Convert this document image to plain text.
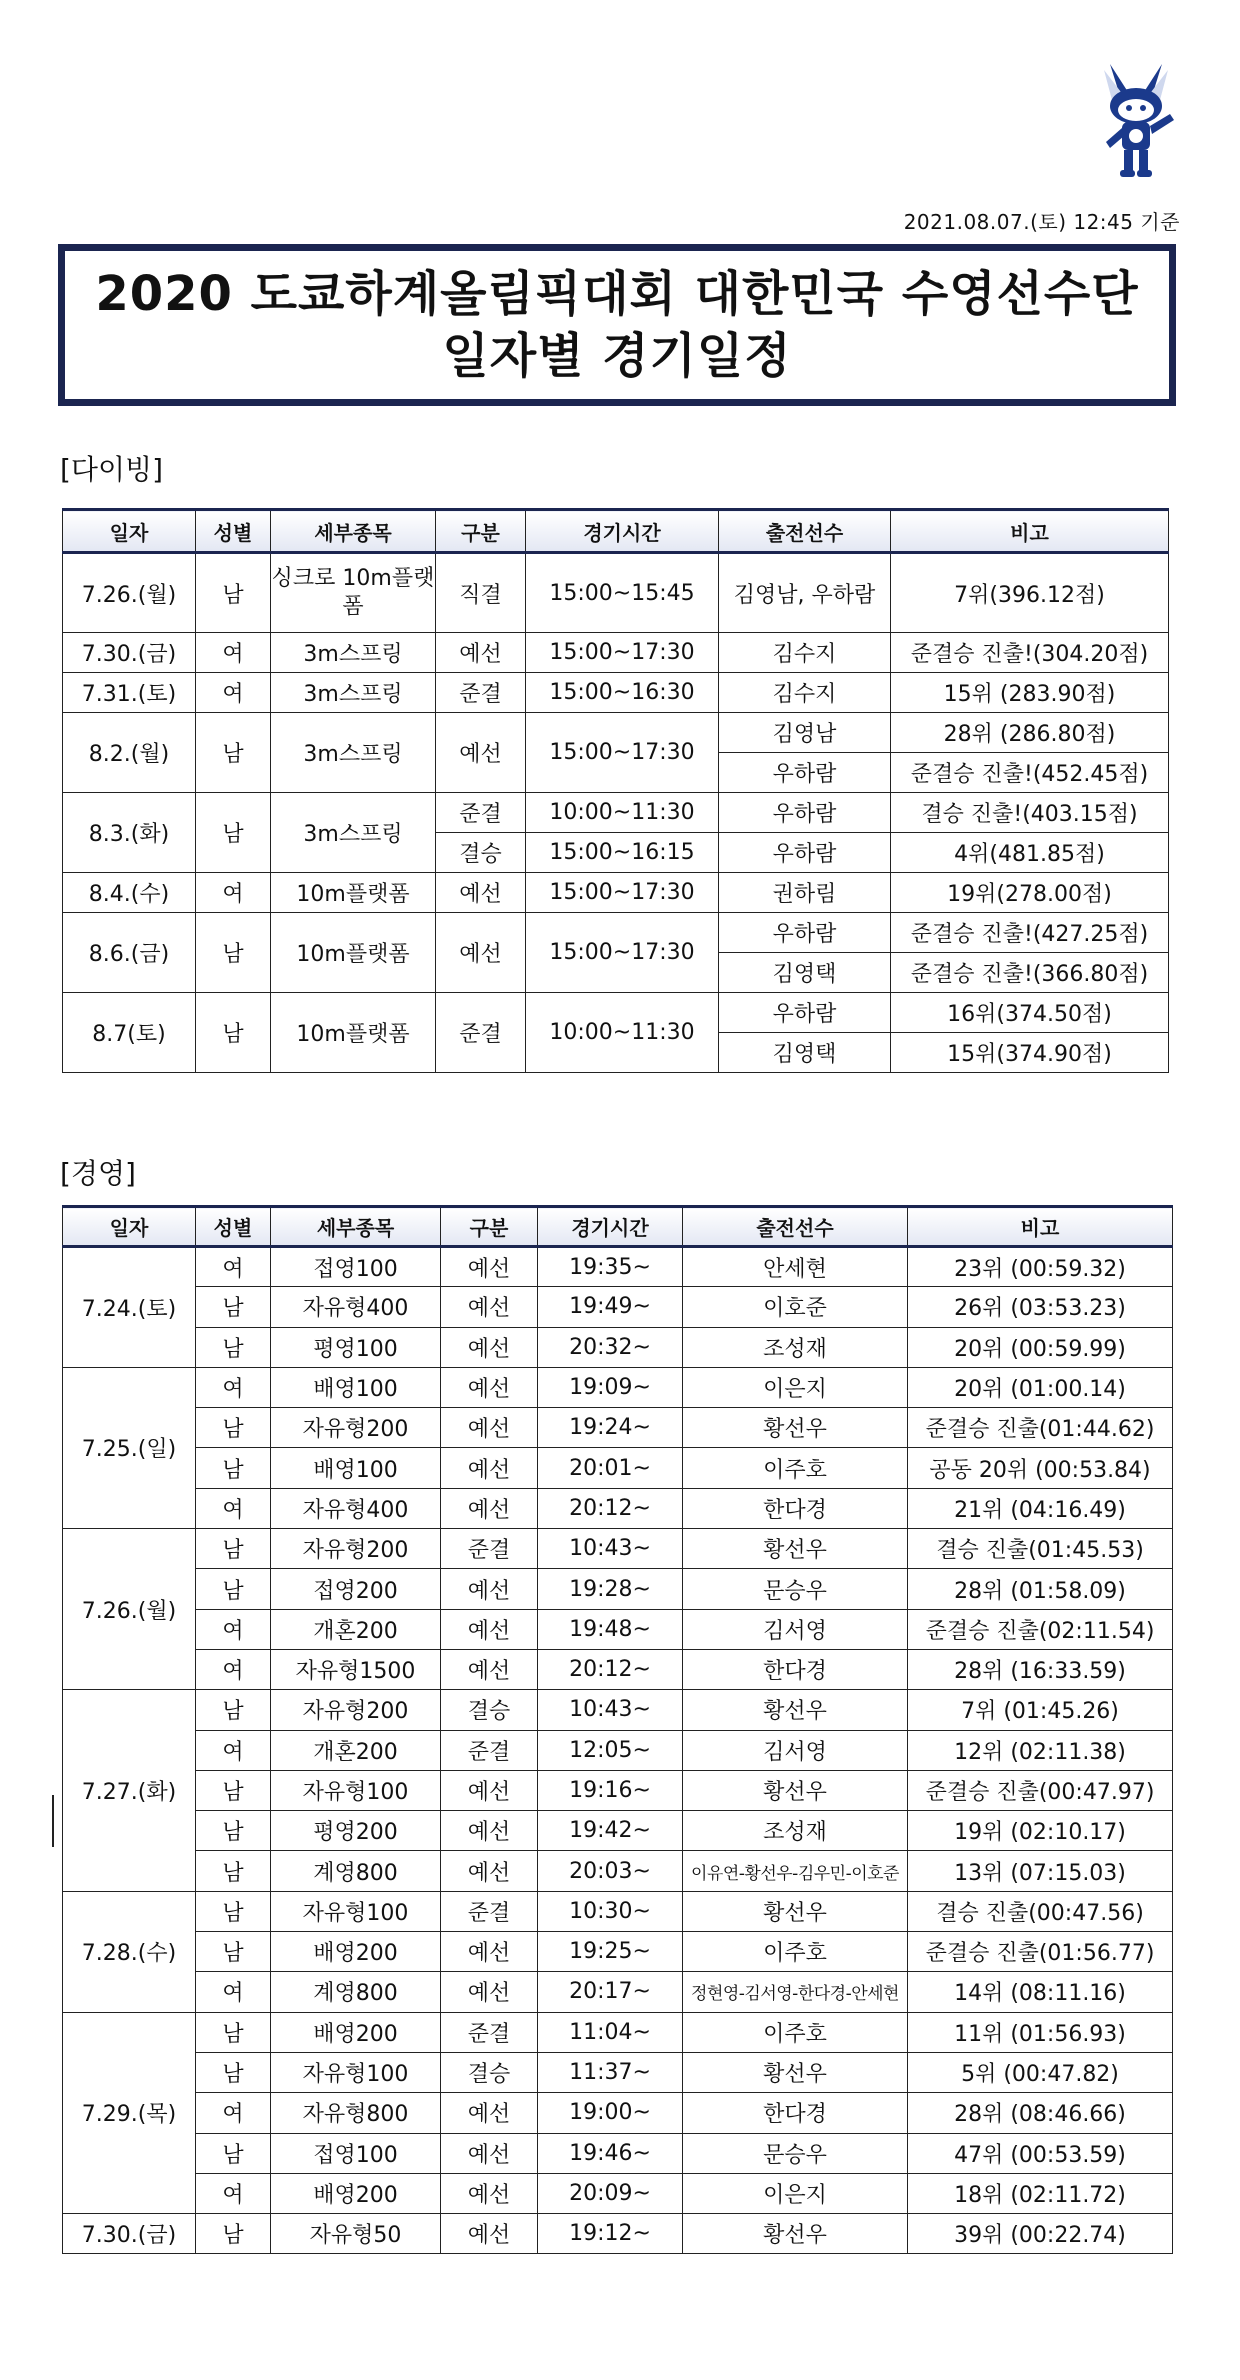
2021.08.07.(토) 12:45 기준
2020 도쿄하계올림픽대회 대한민국 수영선수단
일자별 경기일정
[다이빙]
일자	성별	세부종목	구분	경기시간	출전선수	비고
7.26.(월)	남	싱크로 10m플랫폼	직결	15:00~15:45	김영남, 우하람	7위(396.12점)
7.30.(금)	여	3m스프링	예선	15:00~17:30	김수지	준결승 진출!(304.20점)
7.31.(토)	여	3m스프링	준결	15:00~16:30	김수지	15위 (283.90점)
8.2.(월)	남	3m스프링	예선	15:00~17:30	김영남	28위 (286.80점)
					우하람	준결승 진출!(452.45점)
8.3.(화)	남	3m스프링	준결	10:00~11:30	우하람	결승 진출!(403.15점)
			결승	15:00~16:15	우하람	4위(481.85점)
8.4.(수)	여	10m플랫폼	예선	15:00~17:30	권하림	19위(278.00점)
8.6.(금)	남	10m플랫폼	예선	15:00~17:30	우하람	준결승 진출!(427.25점)
					김영택	준결승 진출!(366.80점)
8.7(토)	남	10m플랫폼	준결	10:00~11:30	우하람	16위(374.50점)
					김영택	15위(374.90점)
[경영]
일자	성별	세부종목	구분	경기시간	출전선수	비고
7.24.(토)	여	접영100	예선	19:35~	안세현	23위 (00:59.32)
	남	자유형400	예선	19:49~	이호준	26위 (03:53.23)
	남	평영100	예선	20:32~	조성재	20위 (00:59.99)
7.25.(일)	여	배영100	예선	19:09~	이은지	20위 (01:00.14)
	남	자유형200	예선	19:24~	황선우	준결승 진출(01:44.62)
	남	배영100	예선	20:01~	이주호	공동 20위 (00:53.84)
	여	자유형400	예선	20:12~	한다경	21위 (04:16.49)
7.26.(월)	남	자유형200	준결	10:43~	황선우	결승 진출(01:45.53)
	남	접영200	예선	19:28~	문승우	28위 (01:58.09)
	여	개혼200	예선	19:48~	김서영	준결승 진출(02:11.54)
	여	자유형1500	예선	20:12~	한다경	28위 (16:33.59)
7.27.(화)	남	자유형200	결승	10:43~	황선우	7위 (01:45.26)
	여	개혼200	준결	12:05~	김서영	12위 (02:11.38)
	남	자유형100	예선	19:16~	황선우	준결승 진출(00:47.97)
	남	평영200	예선	19:42~	조성재	19위 (02:10.17)
	남	계영800	예선	20:03~	이유연-황선우-김우민-이호준	13위 (07:15.03)
7.28.(수)	남	자유형100	준결	10:30~	황선우	결승 진출(00:47.56)
	남	배영200	예선	19:25~	이주호	준결승 진출(01:56.77)
	여	계영800	예선	20:17~	정현영-김서영-한다경-안세현	14위 (08:11.16)
7.29.(목)	남	배영200	준결	11:04~	이주호	11위 (01:56.93)
	남	자유형100	결승	11:37~	황선우	5위 (00:47.82)
	여	자유형800	예선	19:00~	한다경	28위 (08:46.66)
	남	접영100	예선	19:46~	문승우	47위 (00:53.59)
	여	배영200	예선	20:09~	이은지	18위 (02:11.72)
7.30.(금)	남	자유형50	예선	19:12~	황선우	39위 (00:22.74)
